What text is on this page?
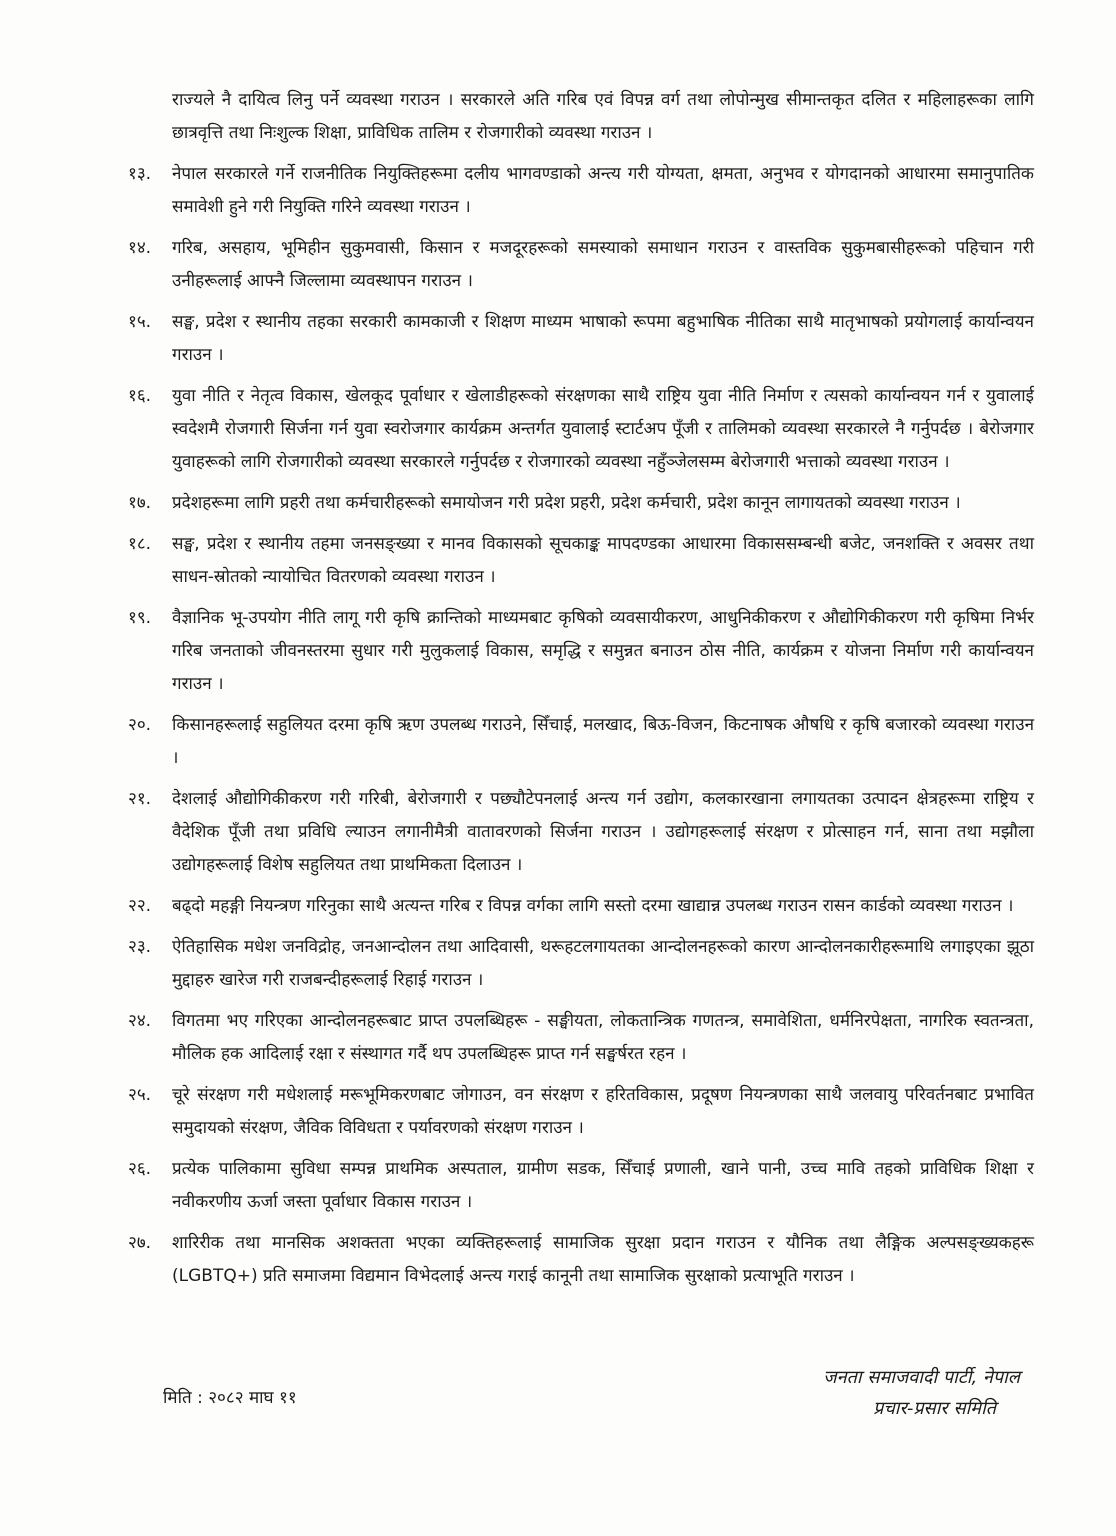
राज्यले नै दायित्व लिनु पर्ने व्यवस्था गराउन । सरकारले अति गरिब एवं विपन्न वर्ग तथा लोपोन्मुख सीमान्तकृत दलित र महिलाहरूका लागि छात्रवृत्ति तथा निःशुल्क शिक्षा, प्राविधिक तालिम र रोजगारीको व्यवस्था गराउन ।

१३.	नेपाल सरकारले गर्ने राजनीतिक नियुक्तिहरूमा दलीय भागवण्डाको अन्त्य गरी योग्यता, क्षमता, अनुभव र योगदानको आधारमा समानुपातिक समावेशी हुने गरी नियुक्ति गरिने व्यवस्था गराउन ।
१४.	गरिब, असहाय, भूमिहीन सुकुमवासी, किसान र मजदूरहरूको समस्याको समाधान गराउन र वास्तविक सुकुमबासीहरूको पहिचान गरी उनीहरूलाई आफ्नै जिल्लामा व्यवस्थापन गराउन ।
१५.	सङ्घ, प्रदेश र स्थानीय तहका सरकारी कामकाजी र शिक्षण माध्यम भाषाको रूपमा बहुभाषिक नीतिका साथै मातृभाषको प्रयोगलाई कार्यान्वयन गराउन ।
१६.	युवा नीति र नेतृत्व विकास, खेलकूद पूर्वाधार र खेलाडीहरूको संरक्षणका साथै राष्ट्रिय युवा नीति निर्माण र त्यसको कार्यान्वयन गर्न र युवालाई स्वदेशमै रोजगारी सिर्जना गर्न युवा स्वरोजगार कार्यक्रम अन्तर्गत युवालाई स्टार्टअप पूँजी र तालिमको व्यवस्था सरकारले नै गर्नुपर्दछ । बेरोजगार युवाहरूको लागि रोजगारीको व्यवस्था सरकारले गर्नुपर्दछ र रोजगारको व्यवस्था नहुँञ्जेलसम्म बेरोजगारी भत्ताको व्यवस्था गराउन ।
१७.	प्रदेशहरूमा लागि प्रहरी तथा कर्मचारीहरूको समायोजन गरी प्रदेश प्रहरी, प्रदेश कर्मचारी, प्रदेश कानून लागायतको व्यवस्था गराउन ।
१८.	सङ्घ, प्रदेश र स्थानीय तहमा जनसङ्ख्या र मानव विकासको सूचकाङ्क मापदण्डका आधारमा विकाससम्बन्धी बजेट, जनशक्ति र अवसर तथा साधन-स्रोतको न्यायोचित वितरणको व्यवस्था गराउन ।
१९.	वैज्ञानिक भू-उपयोग नीति लागू गरी कृषि क्रान्तिको माध्यमबाट कृषिको व्यवसायीकरण, आधुनिकीकरण र औद्योगिकीकरण गरी कृषिमा निर्भर गरिब जनताको जीवनस्तरमा सुधार गरी मुलुकलाई विकास, समृद्धि र समुन्नत बनाउन ठोस नीति, कार्यक्रम र योजना निर्माण गरी कार्यान्वयन गराउन ।
२०.	किसानहरूलाई सहुलियत दरमा कृषि ऋण उपलब्ध गराउने, सिँचाई, मलखाद, बिऊ-विजन, किटनाषक औषधि र कृषि बजारको व्यवस्था गराउन ।
२१.	देशलाई औद्योगिकीकरण गरी गरिबी, बेरोजगारी र पछ्यौटेपनलाई अन्त्य गर्न उद्योग, कलकारखाना लगायतका उत्पादन क्षेत्रहरूमा राष्ट्रिय र वैदेशिक पूँजी तथा प्रविधि ल्याउन लगानीमैत्री वातावरणको सिर्जना गराउन । उद्योगहरूलाई संरक्षण र प्रोत्साहन गर्न, साना तथा मझौला उद्योगहरूलाई विशेष सहुलियत तथा प्राथमिकता दिलाउन ।
२२.	बढ्दो महङ्गी नियन्त्रण गरिनुका साथै अत्यन्त गरिब र विपन्न वर्गका लागि सस्तो दरमा खाद्यान्न उपलब्ध गराउन रासन कार्डको व्यवस्था गराउन ।
२३.	ऐतिहासिक मधेश जनविद्रोह, जनआन्दोलन तथा आदिवासी, थरूहटलगायतका आन्दोलनहरूको कारण आन्दोलनकारीहरूमाथि लगाइएका झूठा मुद्दाहरु खारेज गरी राजबन्दीहरूलाई रिहाई गराउन ।
२४.	विगतमा भए गरिएका आन्दोलनहरूबाट प्राप्त उपलब्धिहरू - सङ्घीयता, लोकतान्त्रिक गणतन्त्र, समावेशिता, धर्मनिरपेक्षता, नागरिक स्वतन्त्रता, मौलिक हक आदिलाई रक्षा र संस्थागत गर्दै थप उपलब्धिहरू प्राप्त गर्न सङ्घर्षरत रहन ।
२५.	चूरे संरक्षण गरी मधेशलाई मरूभूमिकरणबाट जोगाउन, वन संरक्षण र हरितविकास, प्रदूषण नियन्त्रणका साथै जलवायु परिवर्तनबाट प्रभावित समुदायको संरक्षण, जैविक विविधता र पर्यावरणको संरक्षण गराउन ।
२६.	प्रत्येक पालिकामा सुविधा सम्पन्न प्राथमिक अस्पताल, ग्रामीण सडक, सिँचाई प्रणाली, खाने पानी, उच्च मावि तहको प्राविधिक शिक्षा र नवीकरणीय ऊर्जा जस्ता पूर्वाधार विकास गराउन ।
२७.	शारिरीक तथा मानसिक अशक्तता भएका व्यक्तिहरूलाई सामाजिक सुरक्षा प्रदान गराउन र यौनिक तथा लैङ्गिक अल्पसङ्ख्यकहरू (LGBTQ+) प्रति समाजमा विद्यमान विभेदलाई अन्त्य गराई कानूनी तथा सामाजिक सुरक्षाको प्रत्याभूति गराउन ।
मिति : २०८२ माघ ११
जनता समाजवादी पार्टी, नेपाल
प्रचार-प्रसार समिति
